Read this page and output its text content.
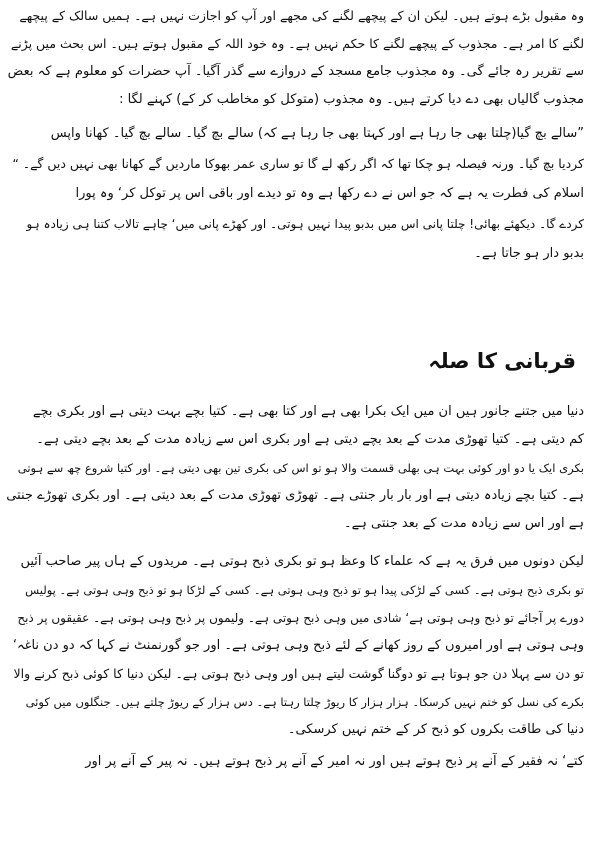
وہ مقبول بڑے ہوتے ہیں۔ لیکن ان کے پیچھے لگنے کی مجھے اور آپ کو اجازت نہیں ہے۔ ہمیں سالک کے پیچھے
لگنے کا امر ہے۔ مجذوب کے پیچھے لگنے کا حکم نہیں ہے۔ وہ خود اللہ کے مقبول ہوتے ہیں۔ اس بحث میں پڑنے
سے تقریر رہ جائے گی۔ وہ مجذوب جامع مسجد کے دروازے سے گذر آگیا۔ آپ حضرات کو معلوم ہے کہ بعض
مجذوب گالیاں بھی دے دیا کرتے ہیں۔ وہ مجذوب (متوکل کو مخاطب کر کے) کہنے لگا :
”سالے بچ گیا(چلتا بھی جا رہا ہے اور کہتا بھی جا رہا ہے کہ) سالے بچ گیا۔ سالے بچ گیا۔ کھانا واپس
کردیا بچ گیا۔ ورنہ فیصلہ ہو چکا تھا کہ اگر رکھ لے گا تو ساری عمر بھوکا ماردیں گے کھانا بھی نہیں دیں گے۔ “
اسلام کی فطرت یہ ہے کہ جو اس نے دے رکھا ہے وہ تو دیدے اور باقی اس پر توکل کر‘ وہ پورا
کردے گا۔ دیکھئے بھائی! چلتا پانی اس میں بدبو پیدا نہیں ہوتی۔ اور کھڑے پانی میں‘ چاہے تالاب کتنا ہی زیادہ ہو
بدبو دار ہو جاتا ہے۔
قربانی کا صلہ
دنیا میں جتنے جانور ہیں ان میں ایک بکرا بھی ہے اور کتا بھی ہے۔ کتیا بچے بہت دیتی ہے اور بکری بچے
کم دیتی ہے۔ کتیا تھوڑی مدت کے بعد بچے دیتی ہے اور بکری اس سے زیادہ مدت کے بعد بچے دیتی ہے۔
بکری ایک یا دو اور کوئی بہت ہی بھلی قسمت والا ہو تو اس کی بکری تین بھی دیتی ہے۔ اور کتیا شروع چھ سے ہوتی
ہے۔ کتیا بچے زیادہ دیتی ہے اور بار بار جنتی ہے۔ تھوڑی تھوڑی مدت کے بعد دیتی ہے۔ اور بکری تھوڑے جنتی
ہے اور اس سے زیادہ مدت کے بعد جنتی ہے۔
لیکن دونوں میں فرق یہ ہے کہ علماء کا وعظ ہو تو بکری ذبح ہوتی ہے۔ مریدوں کے ہاں پیر صاحب آئیں
تو بکری ذبح ہوتی ہے۔ کسی کے لڑکی پیدا ہو تو ذبح وہی ہوتی ہے۔ کسی کے لڑکا ہو تو ذبح وہی ہوتی ہے۔ پولیس
دورے پر آجائے تو ذبح وہی ہوتی ہے‘ شادی میں وہی ذبح ہوتی ہے۔ ولیموں پر ذبح وہی ہوتی ہے۔ عقیقوں پر ذبح
وہی ہوتی ہے اور امیروں کے روز کھانے کے لئے ذبح وہی ہوتی ہے۔ اور جو گورنمنٹ نے کہا کہ دو دن ناغہ‘
تو دن سے پہلا دن جو ہوتا ہے تو دوگنا گوشت لیتے ہیں اور وہی ذبح ہوتی ہے۔ لیکن دنیا کا کوئی ذبح کرنے والا
بکرے کی نسل کو ختم نہیں کرسکا۔ ہزار ہزار کا ریوڑ چلتا رہتا ہے۔ دس ہزار کے ریوڑ چلتے ہیں۔ جنگلوں میں کوئی
دنیا کی طاقت بکروں کو ذبح کر کے ختم نہیں کرسکی۔
کتے‘ نہ فقیر کے آنے پر ذبح ہوتے ہیں اور نہ امیر کے آنے پر ذبح ہوتے ہیں۔ نہ پیر کے آنے پر اور
